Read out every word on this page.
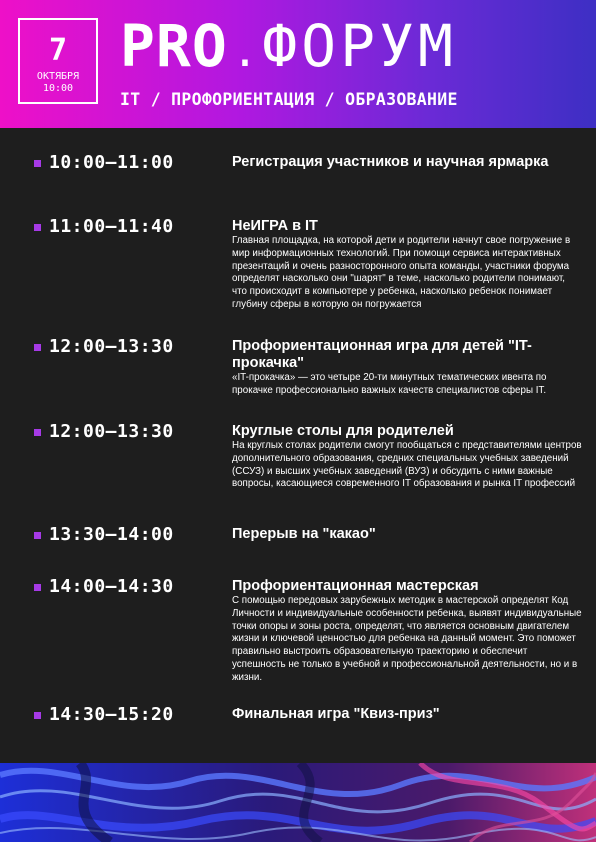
7
ОКТЯБРЯ
10:00
PRO.ФОРУМ
IT / ПРОФОРИЕНТАЦИЯ / ОБРАЗОВАНИЕ
10:00–11:00	Регистрация участников и научная ярмарка
11:00–11:40	НеИГРА в IT
Главная площадка, на которой дети и родители начнут свое погружение в мир информационных технологий. При помощи сервиса интерактивных презентаций и очень разносторонного опыта команды, участники форума определят насколько они "шарят" в теме, насколько родители понимают, что происходит в компьютере у ребенка, насколько ребенок понимает глубину сферы в которую он погружается
12:00–13:30	Профориентационная игра для детей "IT-прокачка"
«IT-прокачка» — это четыре 20-ти минутных тематических ивента по прокачке профессионально важных качеств специалистов сферы IT.
12:00–13:30	Круглые столы для родителей
На круглых столах родители смогут пообщаться с представителями центров дополнительного образования, средних специальных учебных заведений (ССУЗ) и высших учебных заведений (ВУЗ) и обсудить с ними важные вопросы, касающиеся современного IT образования и рынка IT профессий
13:30–14:00	Перерыв на "какао"
14:00–14:30	Профориентационная мастерская
С помощью передовых зарубежных методик в мастерской определят Код Личности и индивидуальные особенности ребенка, выявят индивидуальные точки опоры и зоны роста, определят, что является основным двигателем жизни и ключевой ценностью для ребенка на данный момент. Это поможет правильно выстроить образовательную траекторию и обеспечит успешность не только в учебной и профессиональной деятельности, но и в жизни.
14:30–15:20	Финальная игра "Квиз-приз"
